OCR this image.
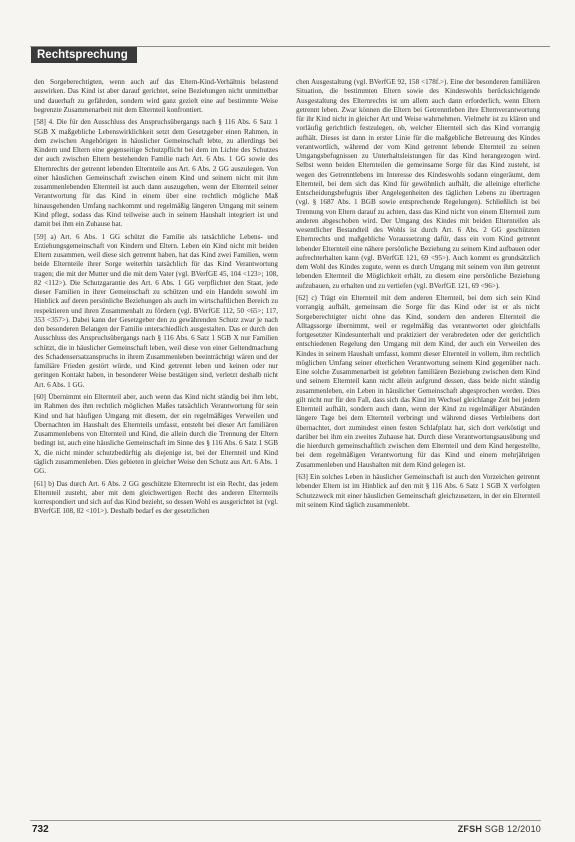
Rechtsprechung

den Sorgeberechtigten, wenn auch auf das Eltern-Kind-Verhältnis belastend auswirken. Das Kind ist aber darauf gerichtet, seine Beziehungen nicht unmittelbar und dauerhaft zu gefährden, sondern wird ganz gezielt eine auf bestimmte Weise begrenzte Zusammenarbeit mit dem Elternteil konfrontiert.

[58] 4. Die für den Ausschluss des Anspruchsübergangs nach § 116 Abs. 6 Satz 1 SGB X maßgebliche Lebenswirklichkeit setzt dem Gesetzgeber einen Rahmen, in dem zwischen Angehörigen in häuslicher Gemeinschaft lebte, zu allerdings bei Kindern und Eltern eine gegenseitige Schutzpflicht bei dem im Lichte des Schutzes der auch zwischen Eltern bestehenden Familie nach Art. 6 Abs. 1 GG sowie des Elternrechts der getrennt lebenden Elternteile aus Art. 6 Abs. 2 GG auszulegen. Von einer häuslichen Gemeinschaft zwischen einem Kind und seinem nicht mit ihm zusammenlebenden Elternteil ist auch dann auszugehen, wenn der Elternteil seiner Verantwortung für das Kind in einem über eine rechtlich mögliche Maß hinausgehenden Umfang nachkommt und regelmäßig längeren Umgang mit seinem Kind pflegt, sodass das Kind teilweise auch in seinem Haushalt integriert ist und damit bei ihm ein Zuhause hat.

[59] a) Art. 6 Abs. 1 GG schützt die Familie als tatsächliche Lebens- und Erziehungsgemeinschaft von Kindern und Eltern. Leben ein Kind nicht mit beiden Eltern zusammen, weil diese sich getrennt haben, hat das Kind zwei Familien, wenn beide Elternteile ihrer Sorge weiterhin tatsächlich für das Kind Verantwortung tragen; die mit der Mutter und die mit dem Vater (vgl. BVerfGE 45, 104 <123>; 108, 82 <112>). Die Schutzgarantie des Art. 6 Abs. 1 GG verpflichtet den Staat, jede dieser Familien in ihrer Gemeinschaft zu schützen und ein Handeln sowohl im Hinblick auf deren persönliche Beziehungen als auch im wirtschaftlichen Bereich zu respektieren und ihren Zusammenhalt zu fördern (vgl. BVerfGE 112, 50 <65>; 117, 353 <357>). Dabei kann der Gesetzgeber den zu gewährenden Schutz zwar je nach den besonderen Belangen der Familie unterschiedlich ausgestalten. Das er durch den Ausschluss des Anspruchsübergangs nach § 116 Abs. 6 Satz 1 SGB X nur Familien schützt, die in häuslicher Gemeinschaft leben, weil diese von einer Geltendmachung des Schadensersatzanspruchs in ihrem Zusammenleben beeinträchtigt wären und der familiäre Frieden gestört würde, und Kind getrennt leben und keinen oder nur geringen Kontakt haben, in besonderer Weise bestätigen sind, verletzt deshalb nicht Art. 6 Abs. 1 GG.

[60] Übernimmt ein Elternteil aber, auch wenn das Kind nicht ständig bei ihm lebt, im Rahmen des ihm rechtlich möglichen Maßes tatsächlich Verantwortung für sein Kind und hat häufigen Umgang mit diesem, der ein regelmäßiges Verweilen und Übernachten im Haushalt des Elternteils umfasst, entsteht bei dieser Art familiären Zusammenlebens von Elternteil und Kind, die allein durch die Trennung der Eltern bedingt ist, auch eine häusliche Gemeinschaft im Sinne des § 116 Abs. 6 Satz 1 SGB X, die nicht minder schutzbedürftig als diejenige ist, bei der Elternteil und Kind täglich zusammenleben. Dies gebieten in gleicher Weise den Schutz aus Art. 6 Abs. 1 GG.

[61] b) Das durch Art. 6 Abs. 2 GG geschützte Elternrecht ist ein Recht, das jedem Elternteil zusteht, aber mit dem gleichwertigen Recht des anderen Elternteils korrespondiert und sich auf das Kind bezieht, so dessen Wohl es ausgerichtet ist (vgl. BVerfGE 108, 82 <101>). Deshalb bedarf es der gesetzlichen

chen Ausgestaltung (vgl. BVerfGE 92, 158 <178f.>). Eine der besonderen familiären Situation, die bestimmten Eltern sowie des Kindeswohls berücksichtigende Ausgestaltung des Elternrechts ist um allem auch dann erforderlich, wenn Eltern getrennt leben. Zwar können die Eltern bei Getrenntleben ihre Elternverantwortung für ihr Kind nicht in gleicher Art und Weise wahrnehmen. Vielmehr ist zu klären und vorläufig gerichtlich festzulegen, ob, welcher Elternteil sich das Kind vorrangig aufhält. Dieses ist dann in erster Linie für die maßgebliche Betreuung des Kindes verantwortlich, während der vom Kind getrennt lebende Elternteil zu seinen Umgangsbefugnissen zu Unterhaltsleistungen für das Kind herangezogen wird. Selbst wenn beiden Elternteilen die gemeinsame Sorge für das Kind zusteht, ist wegen des Getrenntlebens im Interesse des Kindeswohls sodann eingeräumt, dem Elternteil, bei dem sich das Kind für gewöhnlich aufhält, die alleinige elterliche Entscheidungsbefugnis über Angelegenheiten des täglichen Lebens zu übertragen (vgl. § 1687 Abs. 1 BGB sowie entsprechende Regelungen). Schließlich ist bei Trennung von Eltern darauf zu achten, dass das Kind nicht von einem Elternteil zum anderen abgeschoben wird. Der Umgang des Kindes mit beiden Elternteilen als wesentlicher Bestandteil des Wohls ist durch Art. 6 Abs. 2 GG geschützten Elternrechts und maßgebliche Voraussetzung dafür, dass ein vom Kind getrennt lebender Elternteil eine nähere persönliche Beziehung zu seinem Kind aufbauen oder aufrechterhalten kann (vgl. BVerfGE 121, 69 <95>). Auch kommt es grundsätzlich dem Wohl des Kindes zugute, wenn es durch Umgang mit seinem von ihm getrennt lebenden Elternteil die Möglichkeit erhält, zu diesem eine persönliche Beziehung aufzubauen, zu erhalten und zu vertiefen (vgl. BVerfGE 121, 69 <96>).

[62] c) Trägt ein Elternteil mit dem anderen Elternteil, bei dem sich sein Kind vorrangig aufhält, gemeinsam die Sorge für das Kind oder ist er als nicht Sorgeberechtigter nicht ohne das Kind, sondern den anderen Elternteil die Alltagssorge übernimmt, weil er regelmäßig das verantwortet oder gleichfalls fortgesetzter Kindesunterhalt und praktiziert der verabredeten oder der gerichtlich entschiedenen Regelung den Umgang mit dem Kind, der auch ein Verweilen des Kindes in seinem Haushalt umfasst, kommt dieser Elternteil in vollem, ihm rechtlich möglichen Umfang seiner elterlichen Verantwortung seinem Kind gegenüber nach. Eine solche Zusammenarbeit ist gelebten familiären Beziehung zwischen dem Kind und seinem Elternteil kann nicht allein aufgrund dessen, dass beide nicht ständig zusammenleben, ein Leben in häuslicher Gemeinschaft abgesprochen werden. Dies gilt nicht nur für den Fall, dass sich das Kind im Wechsel gleichlange Zeit bei jedem Elternteil aufhält, sondern auch dann, wenn der Kind zu regelmäßiger Abständen längere Tage bei dem Elternteil verbringt und während dieses Verbleibens dort übernachtet, dort zumindest einen festen Schlafplatz hat, sich dort verköstigt und darüber bei ihm ein zweites Zuhause hat. Durch diese Verantwortungsausübung und die hierdurch gemeinschaftlich zwischen dem Elternteil und dem Kind hergestellte, bei dem regelmäßigen Verantwortung für das Kind und einem mehrjährigen Zusammenleben und Haushalten mit dem Kind gelegen ist.

[63] Ein solches Leben in häuslicher Gemeinschaft ist auch den Vorzeichen getrennt lebender Eltern ist im Hinblick auf den mit § 116 Abs. 6 Satz 1 SGB X verfolgten Schutzzweck mit einer häuslichen Gemeinschaft gleichzusetzen, in der ein Elternteil mit seinem Kind täglich zusammenlebt.

732	ZFSH SGB 12/2010
